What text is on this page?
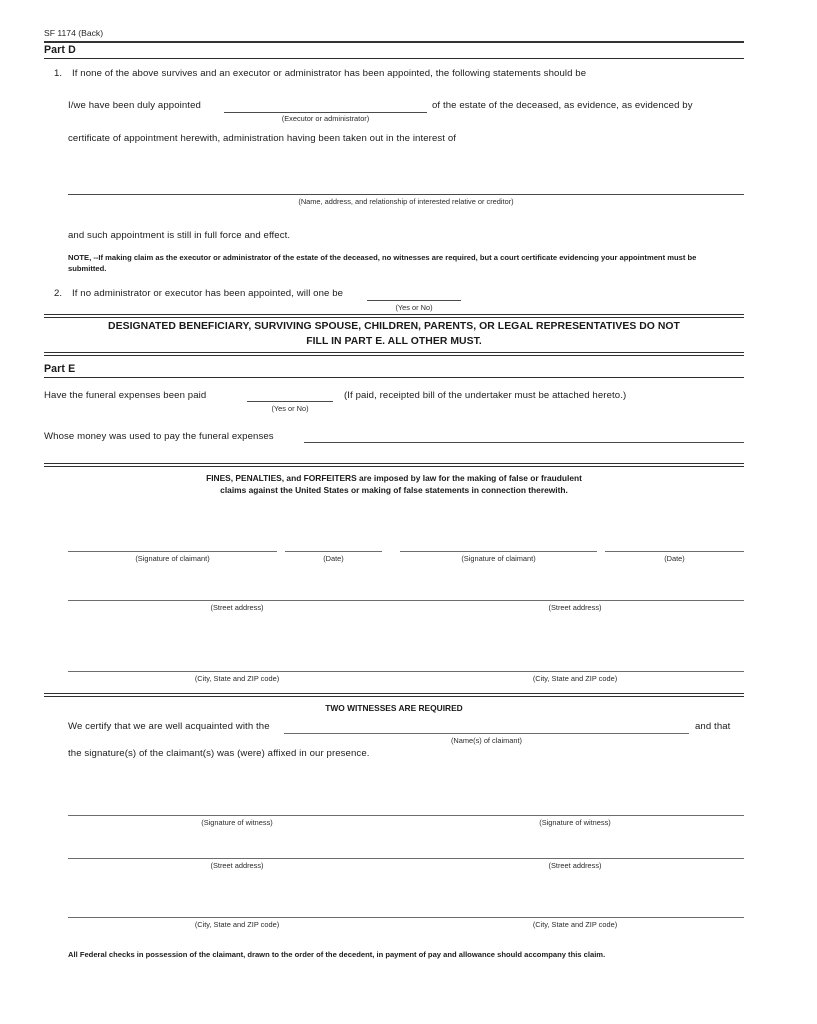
SF 1174 (Back)
Part D
1. If none of the above survives and an executor or administrator has been appointed, the following statements should be
I/we have been duly appointed
(Executor or administrator)
of the estate of the deceased, as evidence, as evidenced by
certificate of appointment herewith, administration having been taken out in the interest of
(Name, address, and relationship of interested relative or creditor)
and such appointment is still in full force and effect.
NOTE, --If making claim as the executor or administrator of the estate of the deceased, no witnesses are required, but a court certificate evidencing your appointment must be submitted.
2. If no administrator or executor has been appointed, will one be
(Yes or No)
DESIGNATED BENEFICIARY, SURVIVING SPOUSE, CHILDREN, PARENTS, OR LEGAL REPRESENTATIVES DO NOT
FILL IN PART E. ALL OTHER MUST.
Part E
Have the funeral expenses been paid
(Yes or No)
(If paid, receipted bill of the undertaker must be attached hereto.)
Whose money was used to pay the funeral expenses
FINES, PENALTIES, and FORFEITERS are imposed by law for the making of false or fraudulent
claims against the United States or making of false statements in connection therewith.
(Signature of claimant)	(Date)	(Signature of claimant)	(Date)
(Street address)	(Street address)
(City, State and ZIP code)	(City, State and ZIP code)
TWO WITNESSES ARE REQUIRED
We certify that we are well acquainted with the
(Name(s) of claimant)
and that
the signature(s) of the claimant(s) was (were) affixed in our presence.
(Signature of witness)	(Signature of witness)
(Street address)	(Street address)
(City, State and ZIP code)	(City, State and ZIP code)
All Federal checks in possession of the claimant, drawn to the order of the decedent, in payment of pay and allowance should accompany this claim.
